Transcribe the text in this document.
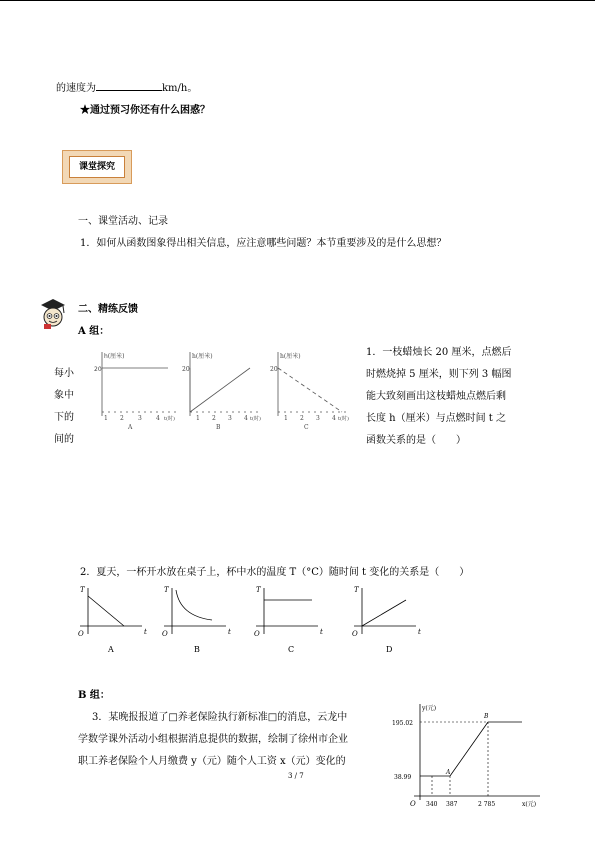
的速度为	km/h。
★通过预习你还有什么困惑？
课堂探究
一、课堂活动、记录
1．如何从函数图象得出相关信息，应注意哪些问题？本节重要涉及的是什么思想？
二、精练反馈
A 组：
每小
象中
下的
间的
h(厘米)
20
1 2 3 4 t(时)
A
h(厘米)
20
1 2 3 4 t(时)
B
h(厘米)
20
1 2 3 4 t(时)
C
1．一枝蜡烛长 20 厘米，点燃后
时燃烧掉 5 厘米，则下列 3 幅图
能大致刻画出这枝蜡烛点燃后剩
长度 h（厘米）与点燃时间 t 之
函数关系的是（　　）
2．夏天，一杯开水放在桌子上，杯中水的温度 T（°C）随时间 t 变化的关系是（　　）
T
O	t
T
O	t
T
O	t
T
O	t
A	B	C	D
B 组：
3．某晚报报道了□养老保险执行新标准□的消息，云龙中
学数学课外活动小组根据消息提供的数据，绘制了徐州市企业
职工养老保险个人月缴费 y（元）随个人工资 x（元）变化的
y(元)
x(元)
195.02
38.99
340 387	2 785
A
B
O
3 / 7
